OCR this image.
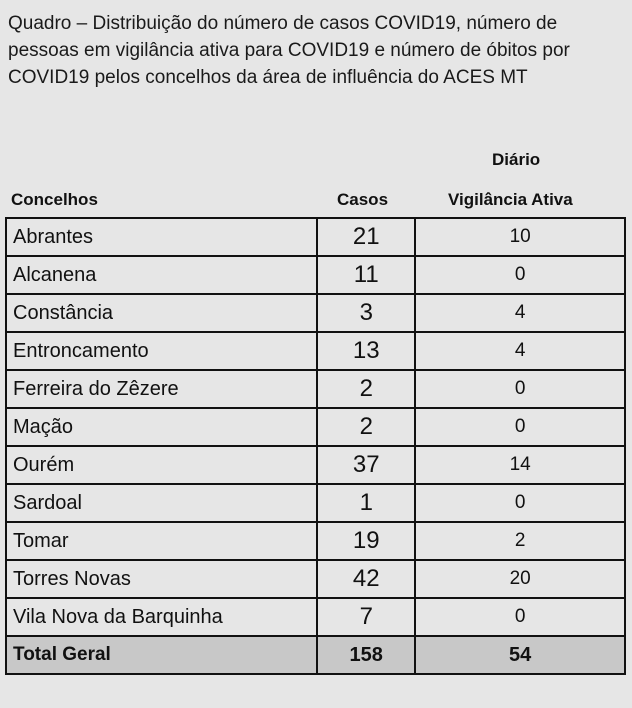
Quadro – Distribuição do número de casos COVID19, número de pessoas em vigilância ativa para COVID19 e número de óbitos por COVID19 pelos concelhos da área de influência do ACES MT
Diário
Concelhos	Casos	Vigilância Ativa
Abrantes	21	10
Alcanena	11	0
Constância	3	4
Entroncamento	13	4
Ferreira do Zêzere	2	0
Mação	2	0
Ourém	37	14
Sardoal	1	0
Tomar	19	2
Torres Novas	42	20
Vila Nova da Barquinha	7	0
Total Geral	158	54
